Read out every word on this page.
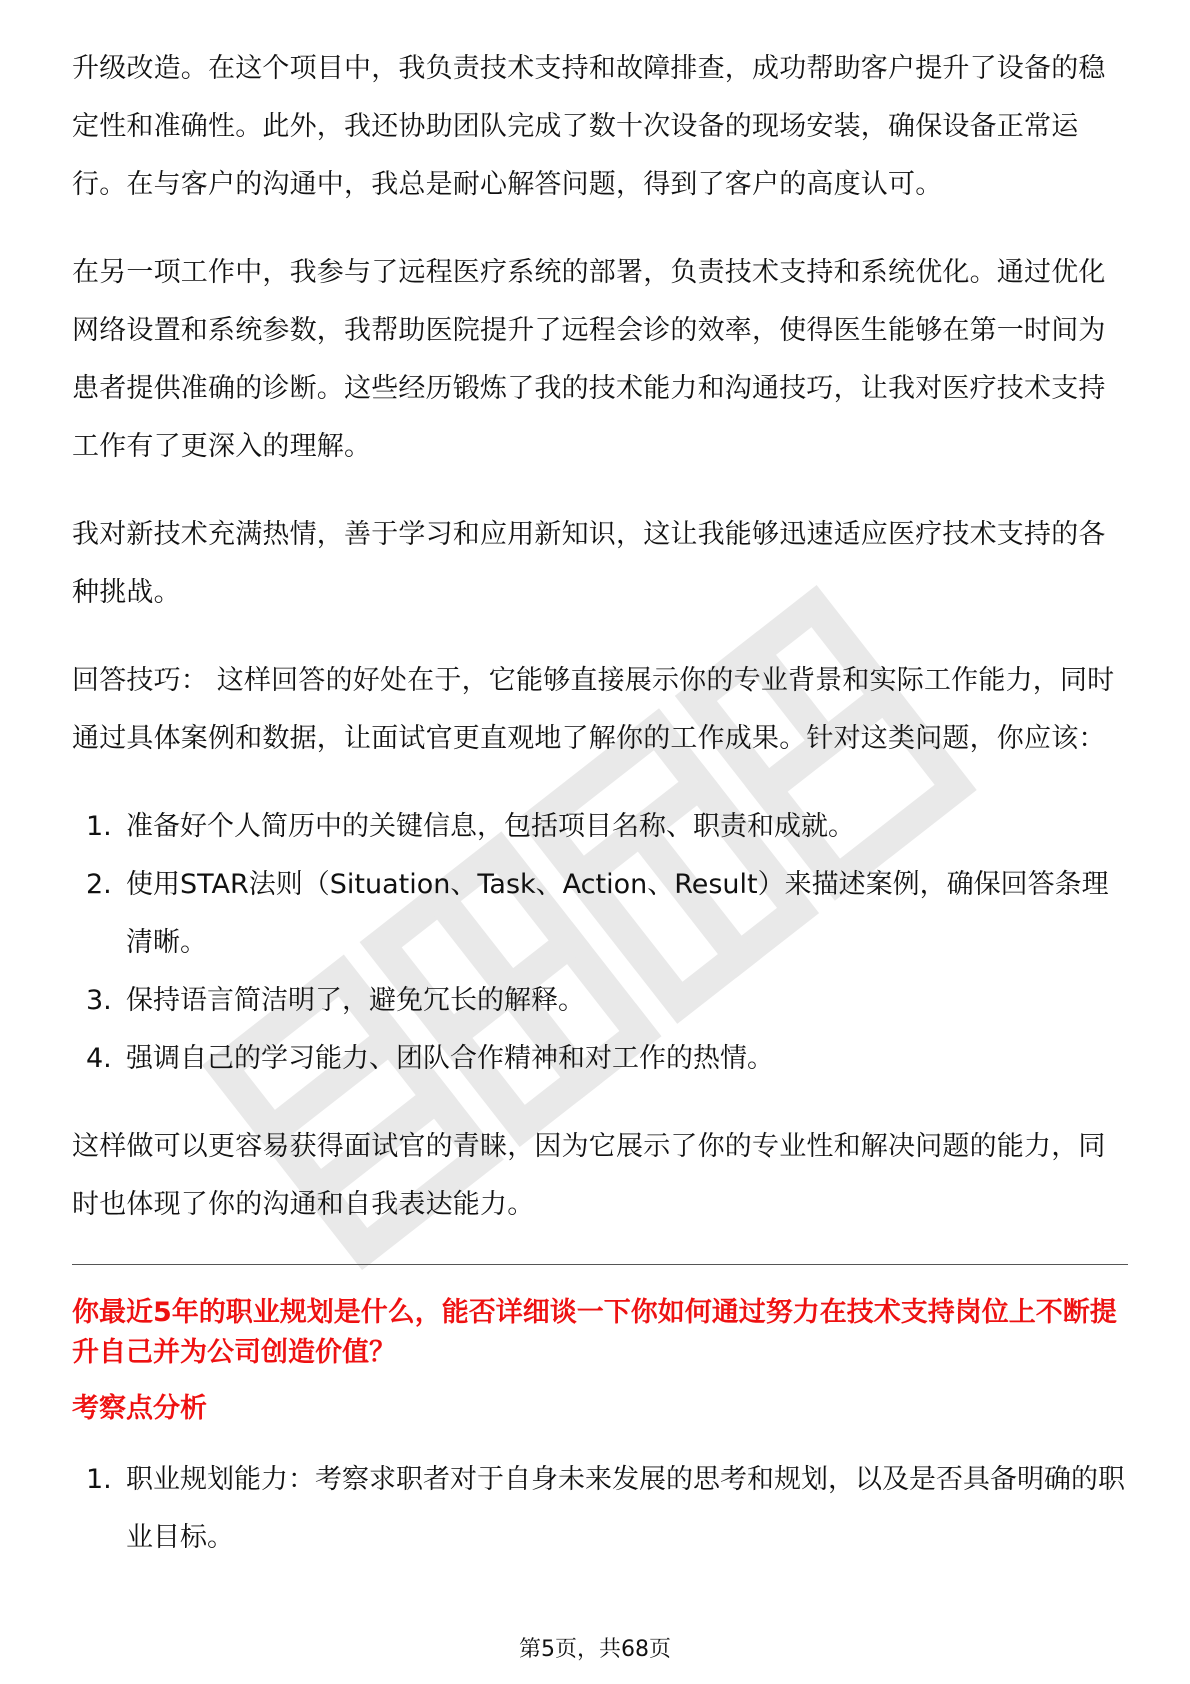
升级改造。在这个项目中，我负责技术支持和故障排查，成功帮助客户提升了设备的稳定性和准确性。此外，我还协助团队完成了数十次设备的现场安装，确保设备正常运行。在与客户的沟通中，我总是耐心解答问题，得到了客户的高度认可。

在另一项工作中，我参与了远程医疗系统的部署，负责技术支持和系统优化。通过优化网络设置和系统参数，我帮助医院提升了远程会诊的效率，使得医生能够在第一时间为患者提供准确的诊断。这些经历锻炼了我的技术能力和沟通技巧，让我对医疗技术支持工作有了更深入的理解。

我对新技术充满热情，善于学习和应用新知识，这让我能够迅速适应医疗技术支持的各种挑战。

回答技巧： 这样回答的好处在于，它能够直接展示你的专业背景和实际工作能力，同时通过具体案例和数据，让面试官更直观地了解你的工作成果。针对这类问题，你应该：

1. 准备好个人简历中的关键信息，包括项目名称、职责和成就。
2. 使用STAR法则（Situation、Task、Action、Result）来描述案例，确保回答条理清晰。
3. 保持语言简洁明了，避免冗长的解释。
4. 强调自己的学习能力、团队合作精神和对工作的热情。

这样做可以更容易获得面试官的青睐，因为它展示了你的专业性和解决问题的能力，同时也体现了你的沟通和自我表达能力。

你最近5年的职业规划是什么，能否详细谈一下你如何通过努力在技术支持岗位上不断提升自己并为公司创造价值？
考察点分析
1. 职业规划能力：考察求职者对于自身未来发展的思考和规划，以及是否具备明确的职业目标。
第5页，共68页
